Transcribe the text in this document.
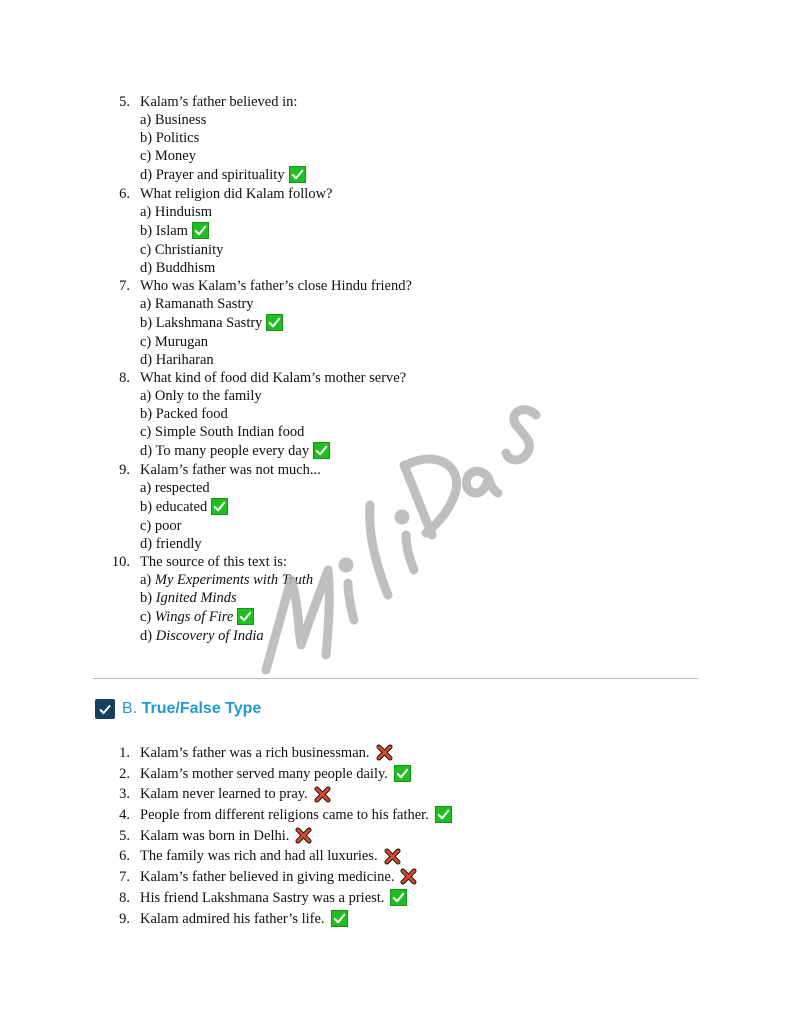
5. Kalam’s father believed in:
a) Business
b) Politics
c) Money
d) Prayer and spirituality
6. What religion did Kalam follow?
a) Hinduism
b) Islam
c) Christianity
d) Buddhism
7. Who was Kalam’s father’s close Hindu friend?
a) Ramanath Sastry
b) Lakshmana Sastry
c) Murugan
d) Hariharan
8. What kind of food did Kalam’s mother serve?
a) Only to the family
b) Packed food
c) Simple South Indian food
d) To many people every day
9. Kalam’s father was not much...
a) respected
b) educated
c) poor
d) friendly
10. The source of this text is:
a) My Experiments with Truth
b) Ignited Minds
c) Wings of Fire
d) Discovery of India
B. True/False Type
1. Kalam’s father was a rich businessman.
2. Kalam’s mother served many people daily.
3. Kalam never learned to pray.
4. People from different religions came to his father.
5. Kalam was born in Delhi.
6. The family was rich and had all luxuries.
7. Kalam’s father believed in giving medicine.
8. His friend Lakshmana Sastry was a priest.
9. Kalam admired his father’s life.
